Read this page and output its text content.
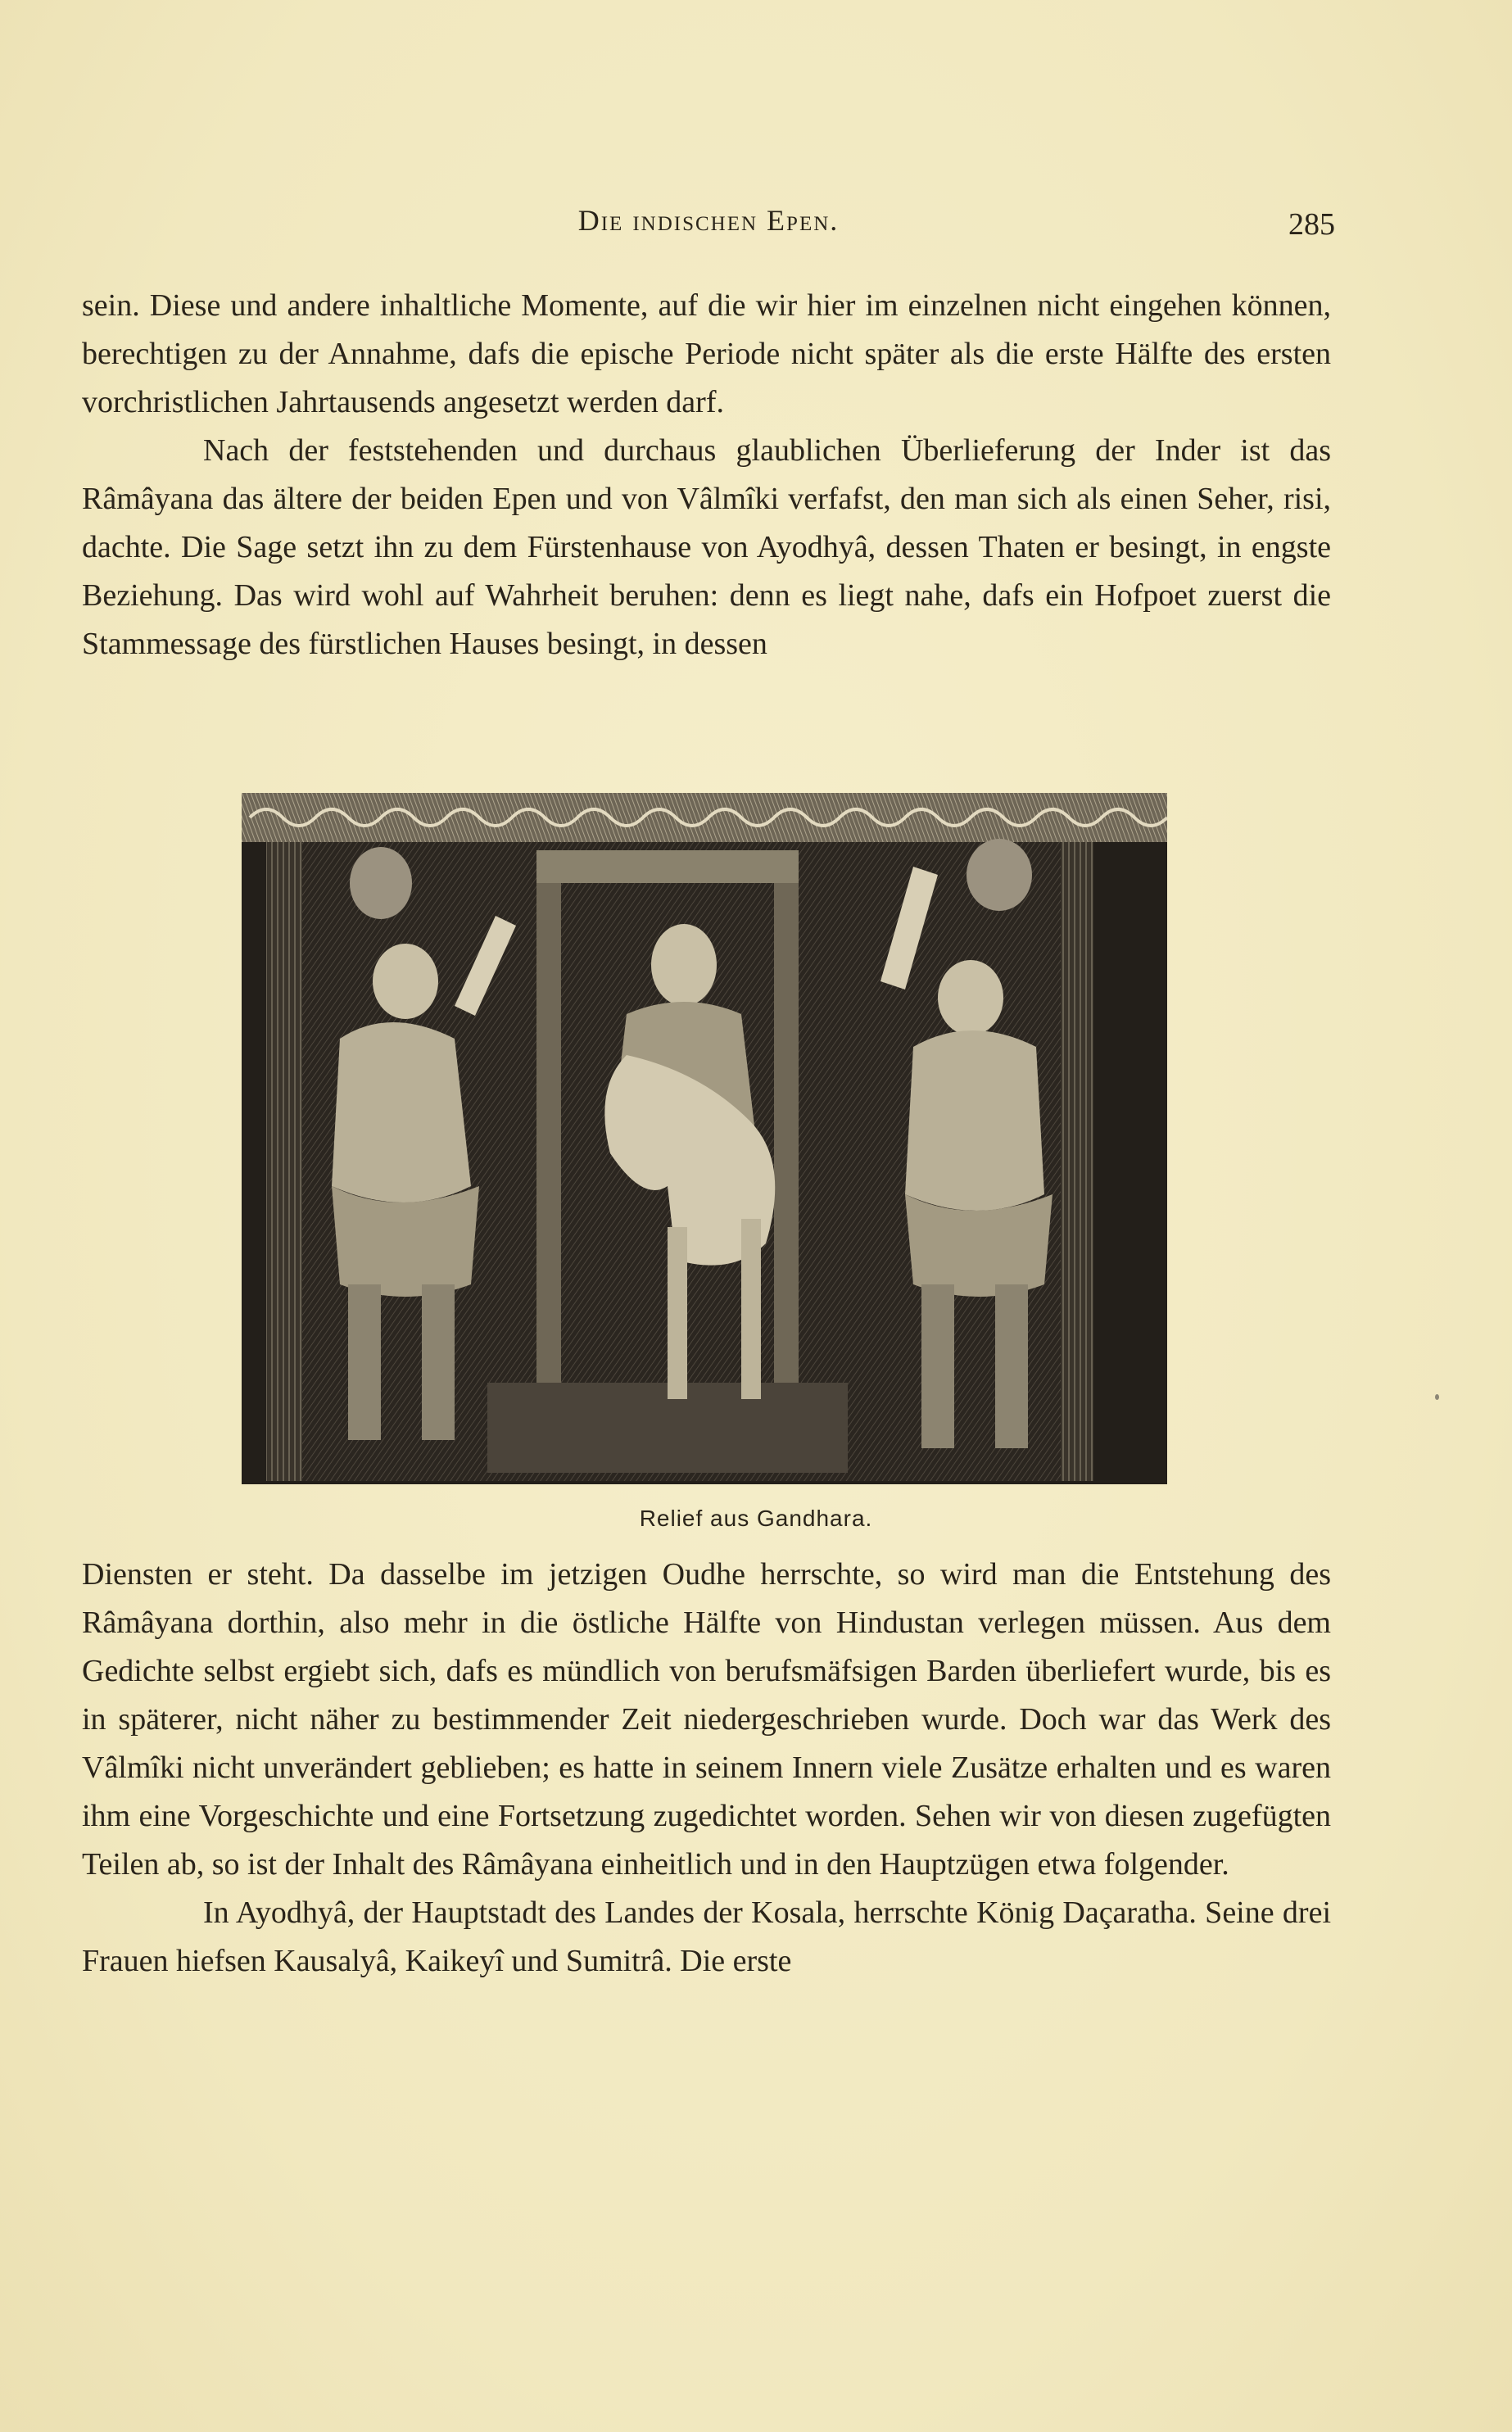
Die indischen Epen.	285

sein. Diese und andere inhaltliche Momente, auf die wir hier im einzelnen nicht eingehen können, berechtigen zu der Annahme, dafs die epische Periode nicht später als die erste Hälfte des ersten vorchristlichen Jahrtausends angesetzt werden darf.

Nach der feststehenden und durchaus glaublichen Überlieferung der Inder ist das Râmâyana das ältere der beiden Epen und von Vâlmîki verfafst, den man sich als einen Seher, risi, dachte. Die Sage setzt ihn zu dem Fürstenhause von Ayodhyâ, dessen Thaten er besingt, in engste Beziehung. Das wird wohl auf Wahrheit beruhen: denn es liegt nahe, dafs ein Hofpoet zuerst die Stammessage des fürstlichen Hauses besingt, in dessen

Relief aus Gandhara.

Diensten er steht. Da dasselbe im jetzigen Oudhe herrschte, so wird man die Entstehung des Râmâyana dorthin, also mehr in die östliche Hälfte von Hindustan verlegen müssen. Aus dem Gedichte selbst ergiebt sich, dafs es mündlich von berufsmäfsigen Barden überliefert wurde, bis es in späterer, nicht näher zu bestimmender Zeit niedergeschrieben wurde. Doch war das Werk des Vâlmîki nicht unverändert geblieben; es hatte in seinem Innern viele Zusätze erhalten und es waren ihm eine Vorgeschichte und eine Fortsetzung zugedichtet worden. Sehen wir von diesen zugefügten Teilen ab, so ist der Inhalt des Râmâyana einheitlich und in den Hauptzügen etwa folgender.

In Ayodhyâ, der Hauptstadt des Landes der Kosala, herrschte König Daçaratha. Seine drei Frauen hiefsen Kausalyâ, Kaikeyî und Sumitrâ. Die erste
